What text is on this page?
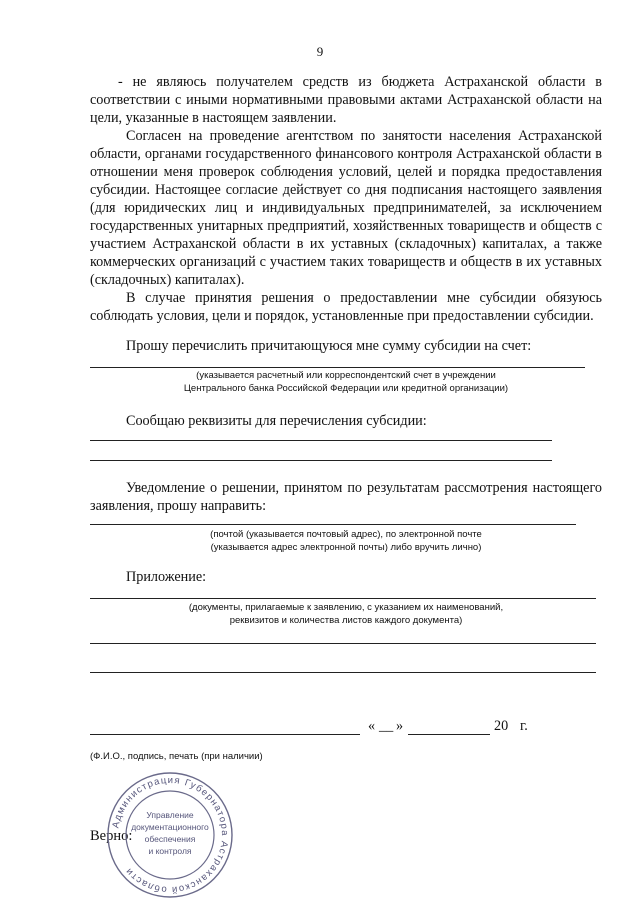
9

- не являюсь получателем средств из бюджета Астраханской области в соответствии с иными нормативными правовыми актами Астраханской области на цели, указанные в настоящем заявлении.

Согласен на проведение агентством по занятости населения Астраханской области, органами государственного финансового контроля Астраханской области в отношении меня проверок соблюдения условий, целей и порядка предоставления субсидии. Настоящее согласие действует со дня подписания настоящего заявления (для юридических лиц и индивидуальных предпринимателей, за исключением государственных унитарных предприятий, хозяйственных товариществ и обществ с участием Астраханской области в их уставных (складочных) капиталах, а также коммерческих организаций с участием таких товариществ и обществ в их уставных (складочных) капиталах).

В случае принятия решения о предоставлении мне субсидии обязуюсь соблюдать условия, цели и порядок, установленные при предоставлении субсидии.

Прошу перечислить причитающуюся мне сумму субсидии на счет:

(указывается расчетный или корреспондентский счет в учреждении
Центрального банка Российской Федерации или кредитной организации)

Сообщаю реквизиты для перечисления субсидии:

Уведомление о решении, принятом по результатам рассмотрения настоящего заявления, прошу направить:

(почтой (указывается почтовый адрес), по электронной почте
(указывается адрес электронной почты) либо вручить лично)

Приложение:

(документы, прилагаемые к заявлению, с указанием их наименований,
реквизитов и количества листов каждого документа)
« __ »	20 г.
(Ф.И.О., подпись, печать (при наличии)
Верно:
Администрация Губернатора Астраханской области
Управление
документационного
обеспечения
и контроля
